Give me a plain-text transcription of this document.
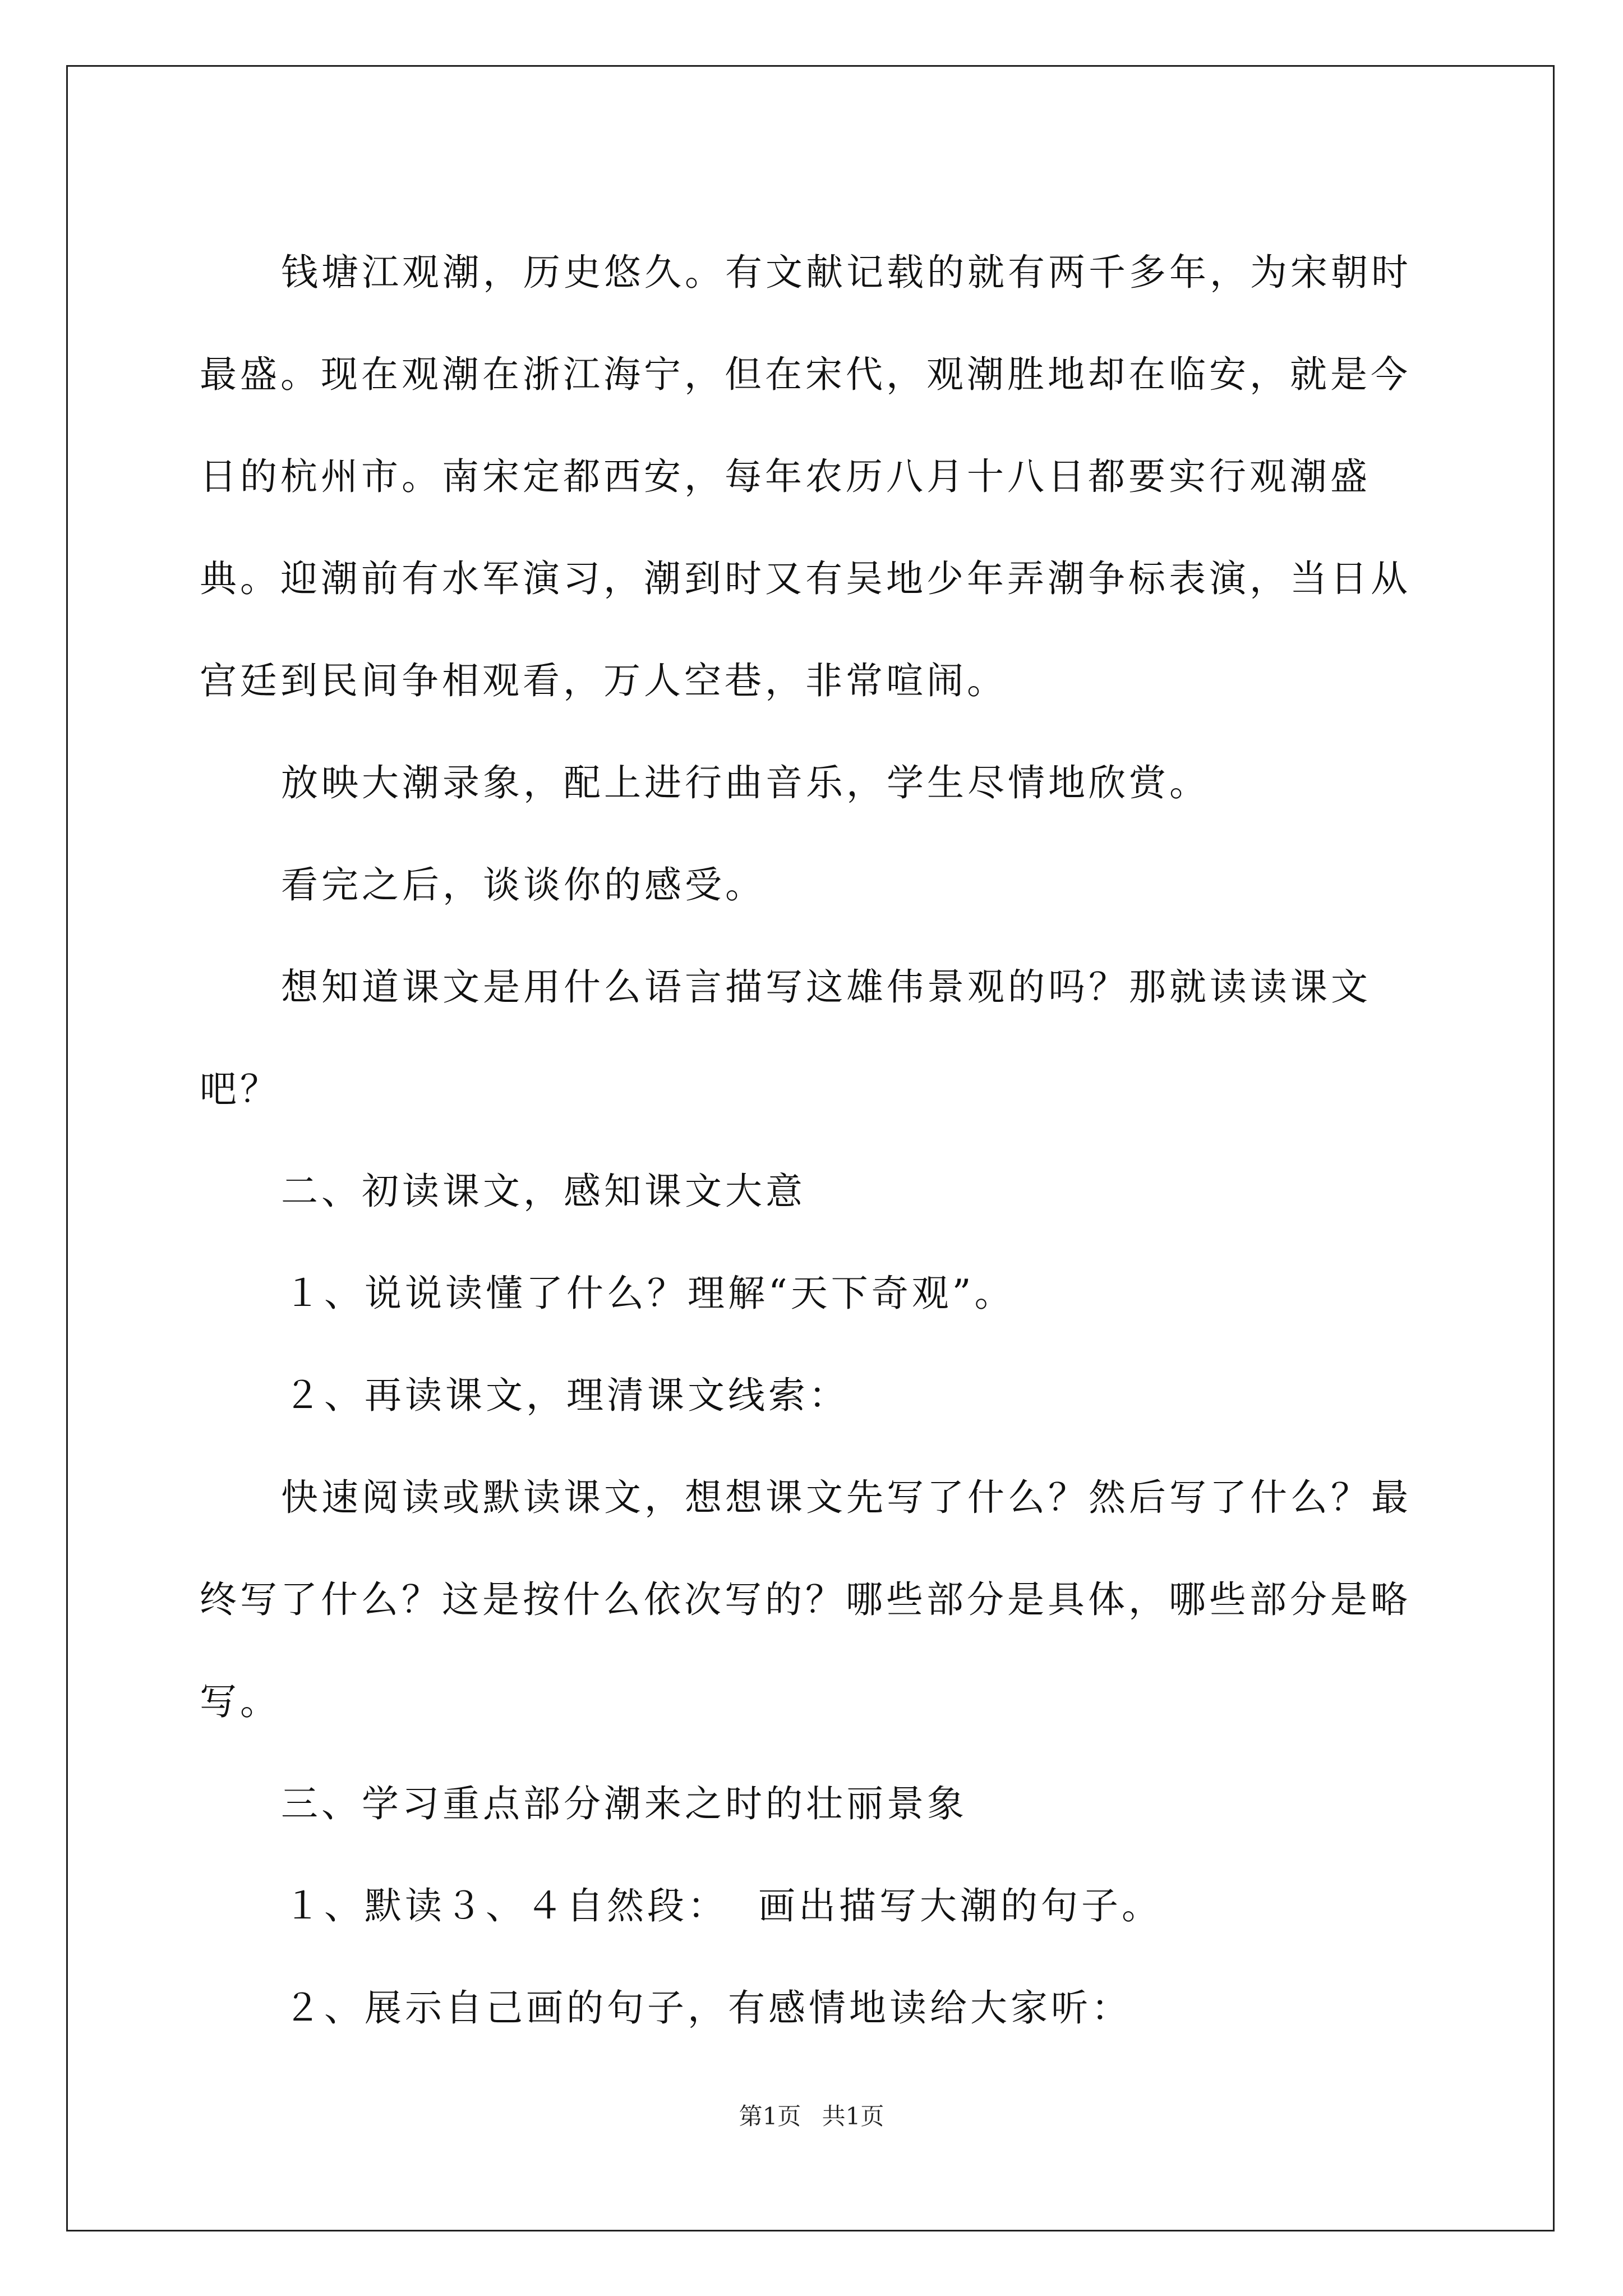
钱塘江观潮，历史悠久。有文献记载的就有两千多年，为宋朝时最盛。现在观潮在浙江海宁，但在宋代，观潮胜地却在临安，就是今日的杭州市。南宋定都西安，每年农历八月十八日都要实行观潮盛典。迎潮前有水军演习，潮到时又有吴地少年弄潮争标表演，当日从宫廷到民间争相观看，万人空巷，非常喧闹。

放映大潮录象，配上进行曲音乐，学生尽情地欣赏。

看完之后，谈谈你的感受。

想知道课文是用什么语言描写这雄伟景观的吗？那就读读课文吧？

二、初读课文，感知课文大意

１、说说读懂了什么？理解“天下奇观”。

２、再读课文，理清课文线索：

快速阅读或默读课文，想想课文先写了什么？然后写了什么？最终写了什么？这是按什么依次写的？哪些部分是具体，哪些部分是略写。

三、学习重点部分潮来之时的壮丽景象

１、默读３、４自然段：  画出描写大潮的句子。

２、展示自己画的句子，有感情地读给大家听：

第1页 共1页
